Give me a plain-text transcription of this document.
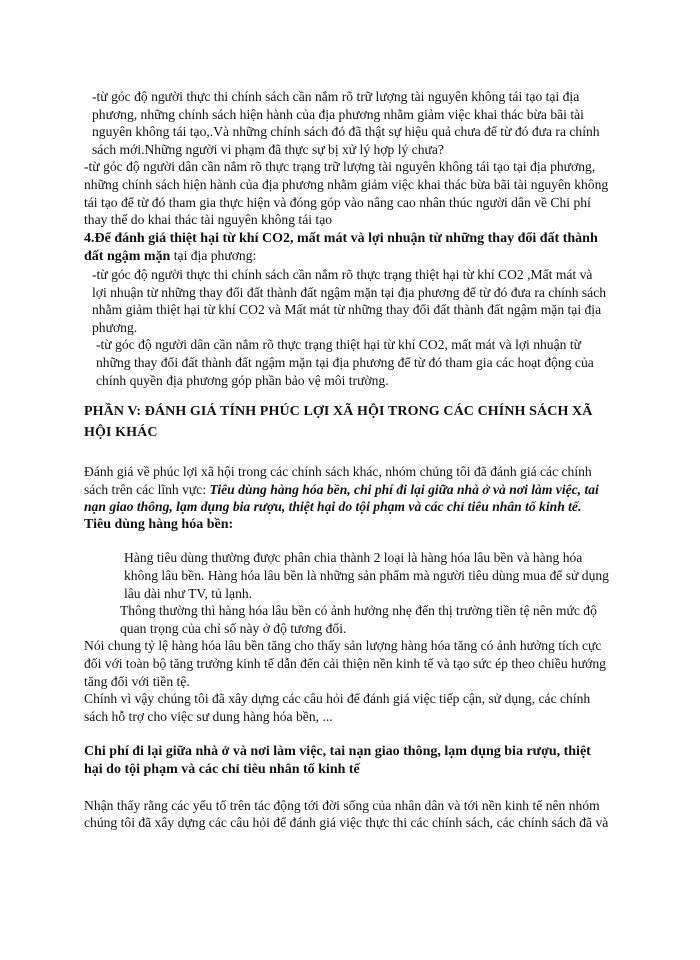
-từ góc độ người thực thi chính sách cần nắm rõ trữ lượng tài nguyên không tái tạo tại địa phương, những chính sách hiện hành của địa phương nhằm giảm việc khai thác bừa bãi tài nguyên không tái tạo,.Và những chính sách đó đã thật sự hiệu quả chưa để từ đó đưa ra chính sách mới.Những người vi phạm đã thực sự bị xử lý hợp lý chưa?

-từ góc độ người dân cần nắm rõ thực trạng trữ lượng tài nguyên không tái tạo tại địa phương, những chính sách hiện hành của địa phương nhằm giảm việc khai thác bừa bãi tài nguyên không tái tạo để từ đó tham gia thực hiện và đóng góp vào nâng cao nhân thúc người dân về Chi phí thay thế do khai thác tài nguyên không tái tạo

4.Để đánh giá thiệt hại từ khí CO2, mất mát và lợi nhuận từ những thay đổi đất thành đất ngậm mặn tại địa phương:

-từ góc độ người thực thi chính sách cần nắm rõ thực trạng thiệt hại từ khí CO2 ,Mất mát và lợi nhuận từ những thay đổi đất thành đất ngậm mặn tại địa phương để từ đó đưa ra chính sách nhằm giảm thiệt hại từ khí CO2 và Mất mát từ những thay đổi đất thành đất ngậm mặn tại địa phương.

-từ góc độ người dân cần nắm rõ thực trạng thiệt hại từ khí CO2, mất mát và lợi nhuận từ những thay đổi đất thành đất ngậm mặn tại địa phương để từ đó tham gia các hoạt động của chính quyền địa phương góp phần bảo vệ môi trường.

PHẦN V: ĐÁNH GIÁ TÍNH PHÚC LỢI XÃ HỘI TRONG CÁC CHÍNH SÁCH XÃ HỘI KHÁC

Đánh giá về phúc lợi xã hội trong các chính sách khác, nhóm chúng tôi đã đánh giá các chính sách trên các lĩnh vực: Tiêu dùng hàng hóa bền, chi phí đi lại giữa nhà ở và nơi làm việc, tai nạn giao thông, lạm dụng bia rượu, thiệt hại do tội phạm và các chỉ tiêu nhân tố kinh tế.

Tiêu dùng hàng hóa bền:

Hàng tiêu dùng thường được phân chia thành 2 loại là hàng hóa lâu bền và hàng hóa không lâu bền. Hàng hóa lâu bền là những sản phẩm mà người tiêu dùng mua để sử dụng lâu dài như TV, tủ lạnh.

Thông thường thì hàng hóa lâu bền có ảnh hưởng nhẹ đến thị trường tiền tệ nên mức độ quan trọng của chỉ số này ở độ tương đối.

Nói chung tỷ lệ hàng hóa lâu bền tăng cho thấy sản lượng hàng hóa tăng có ảnh hưởng tích cực đối với toàn bộ tăng trưởng kinh tế dẫn đến cải thiện nền kinh tế và tạo sức ép theo chiều hướng tăng đối với tiền tệ.

Chính vì vậy chúng tôi đã xây dựng các câu hỏi để đánh giá việc tiếp cận, sử dụng, các chính sách hỗ trợ cho việc sư dung hàng hóa bền, ...

Chi phí đi lại giữa nhà ở và nơi làm việc, tai nạn giao thông, lạm dụng bia rượu, thiệt hại do tội phạm và các chỉ tiêu nhân tố kinh tế

Nhận thấy rằng các yếu tố trên tác động tới đời sống của nhân dân và tới nền kinh tế nên nhóm chúng tôi đã xây dựng các câu hỏi để đánh giá việc thực thi các chính sách, các chính sách đã và
